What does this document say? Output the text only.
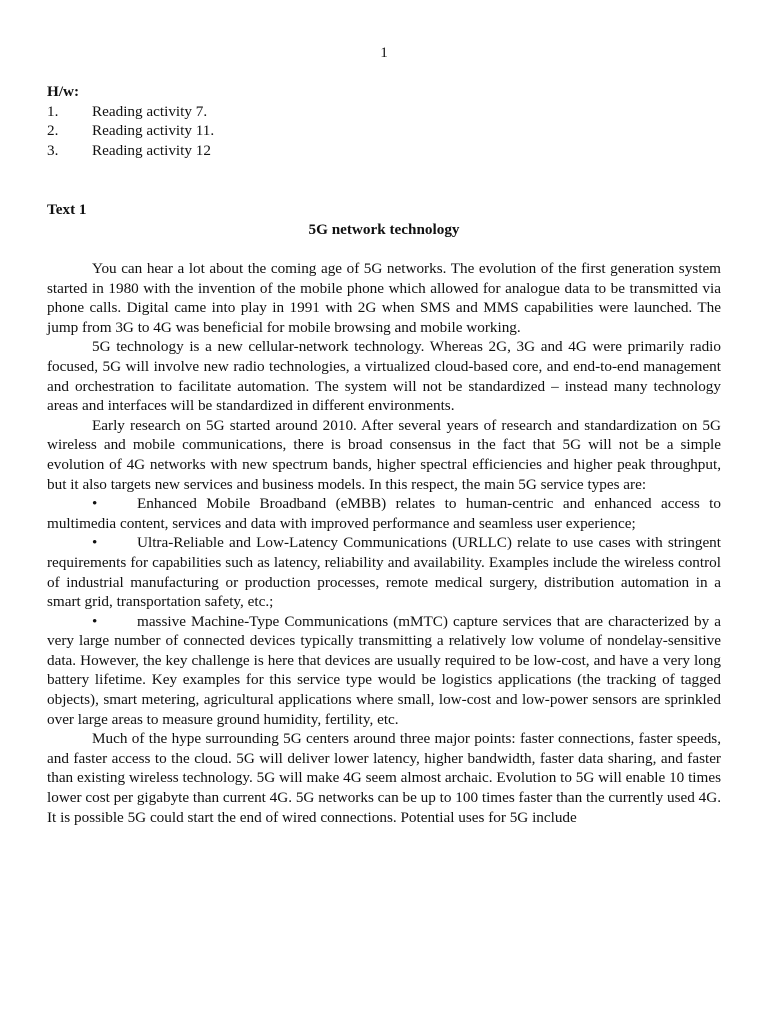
1
H/w:
1.	Reading activity 7.
2.	Reading activity 11.
3.	Reading activity 12
Text 1
5G network technology

You can hear a lot about the coming age of 5G networks. The evolution of the first generation system started in 1980 with the invention of the mobile phone which allowed for analogue data to be transmitted via phone calls. Digital came into play in 1991 with 2G when SMS and MMS capabilities were launched. The jump from 3G to 4G was beneficial for mobile browsing and mobile working.

5G technology is a new cellular-network technology. Whereas 2G, 3G and 4G were primarily radio focused, 5G will involve new radio technologies, a virtualized cloud-based core, and end-to-end management and orchestration to facilitate automation. The system will not be standardized – instead many technology areas and interfaces will be standardized in different environments.

Early research on 5G started around 2010. After several years of research and standardization on 5G wireless and mobile communications, there is broad consensus in the fact that 5G will not be a simple evolution of 4G networks with new spectrum bands, higher spectral efficiencies and higher peak throughput, but it also targets new services and business models. In this respect, the main 5G service types are:

•	Enhanced Mobile Broadband (eMBB) relates to human-centric and enhanced access to multimedia content, services and data with improved performance and seamless user experience;

•	Ultra-Reliable and Low-Latency Communications (URLLC) relate to use cases with stringent requirements for capabilities such as latency, reliability and availability. Examples include the wireless control of industrial manufacturing or production processes, remote medical surgery, distribution automation in a smart grid, transportation safety, etc.;

•	massive Machine-Type Communications (mMTC) capture services that are characterized by a very large number of connected devices typically transmitting a relatively low volume of nondelay-sensitive data. However, the key challenge is here that devices are usually required to be low-cost, and have a very long battery lifetime. Key examples for this service type would be logistics applications (the tracking of tagged objects), smart metering, agricultural applications where small, low-cost and low-power sensors are sprinkled over large areas to measure ground humidity, fertility, etc.

Much of the hype surrounding 5G centers around three major points: faster connections, faster speeds, and faster access to the cloud. 5G will deliver lower latency, higher bandwidth, faster data sharing, and faster than existing wireless technology. 5G will make 4G seem almost archaic. Evolution to 5G will enable 10 times lower cost per gigabyte than current 4G. 5G networks can be up to 100 times faster than the currently used 4G. It is possible 5G could start the end of wired connections. Potential uses for 5G include
